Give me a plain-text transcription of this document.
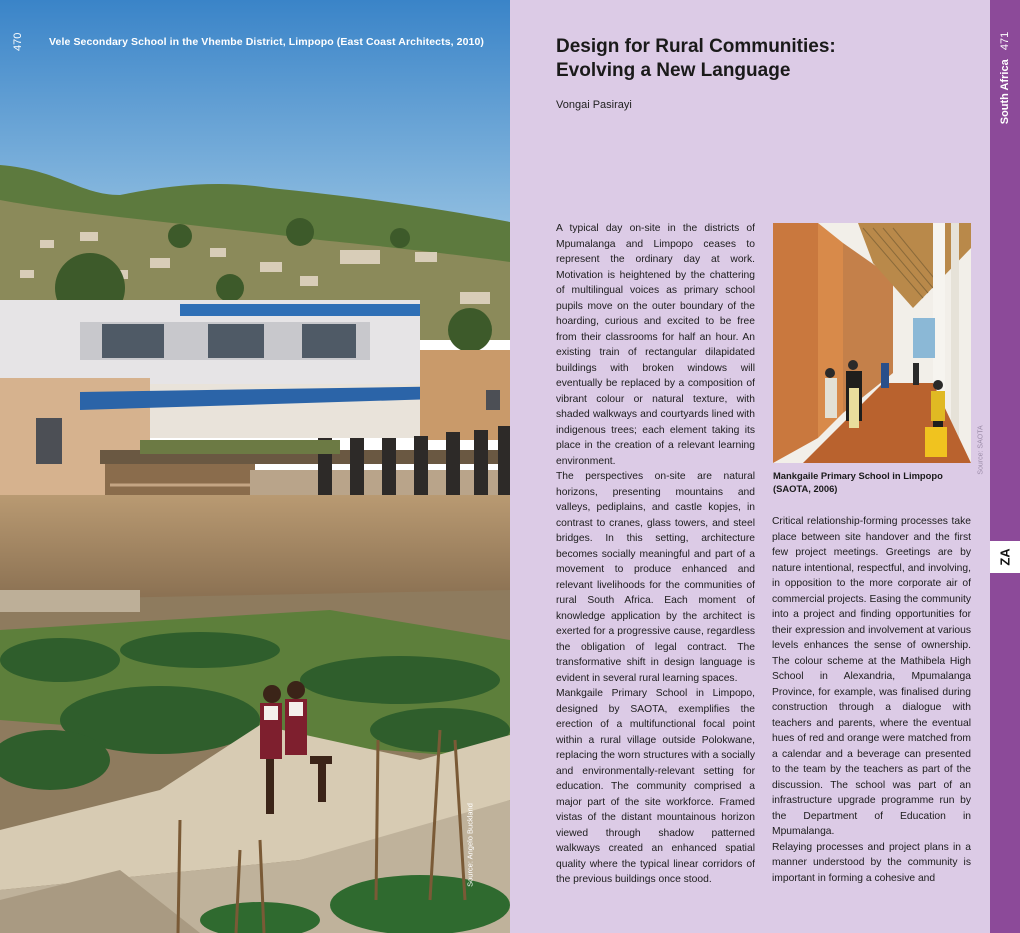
470 Vele Secondary School in the Vhembe District, Limpopo (East Coast Architects, 2010)
Source: Angelo Buckland
Design for Rural Communities:
Evolving a New Language
Vongai Pasirayi

A typical day on-site in the districts of Mpumalanga and Limpopo ceases to represent the ordinary day at work. Motivation is heightened by the chattering of multilingual voices as primary school pupils move on the outer boundary of the hoarding, curious and excited to be free from their classrooms for half an hour. An existing train of rectangular dilapidated buildings with broken windows will eventually be replaced by a composition of vibrant colour or natural texture, with shaded walkways and courtyards lined with indigenous trees; each element taking its place in the creation of a relevant learning environment.

The perspectives on-site are natural horizons, presenting mountains and valleys, pediplains, and castle kopjes, in contrast to cranes, glass towers, and steel bridges. In this setting, architecture becomes socially meaningful and part of a movement to produce enhanced and relevant livelihoods for the communities of rural South Africa. Each moment of knowledge application by the architect is exerted for a progressive cause, regardless the obligation of legal contract. The transformative shift in design language is evident in several rural learning spaces.

Mankgaile Primary School in Limpopo, designed by SAOTA, exemplifies the erection of a multifunctional focal point within a rural village outside Polokwane, replacing the worn structures with a socially and environmentally-relevant setting for education. The community comprised a major part of the site workforce. Framed vistas of the distant mountainous horizon viewed through shadow patterned walkways created an enhanced spatial quality where the typical linear corridors of the previous buildings once stood.

Mankgaile Primary School in Limpopo (SAOTA, 2006)
Source: SAOTA

Critical relationship-forming processes take place between site handover and the first few project meetings. Greetings are by nature intentional, respectful, and involving, in opposition to the more corporate air of commercial projects. Easing the community into a project and finding opportunities for their expression and involvement at various levels enhances the sense of ownership. The colour scheme at the Mathibela High School in Alexandria, Mpumalanga Province, for example, was finalised during construction through a dialogue with teachers and parents, where the eventual hues of red and orange were matched from a calendar and a beverage can presented to the team by the teachers as part of the discussion. The school was part of an infrastructure upgrade programme run by the Department of Education in Mpumalanga.

Relaying processes and project plans in a manner understood by the community is important in forming a cohesive and

South Africa   471
ZA
